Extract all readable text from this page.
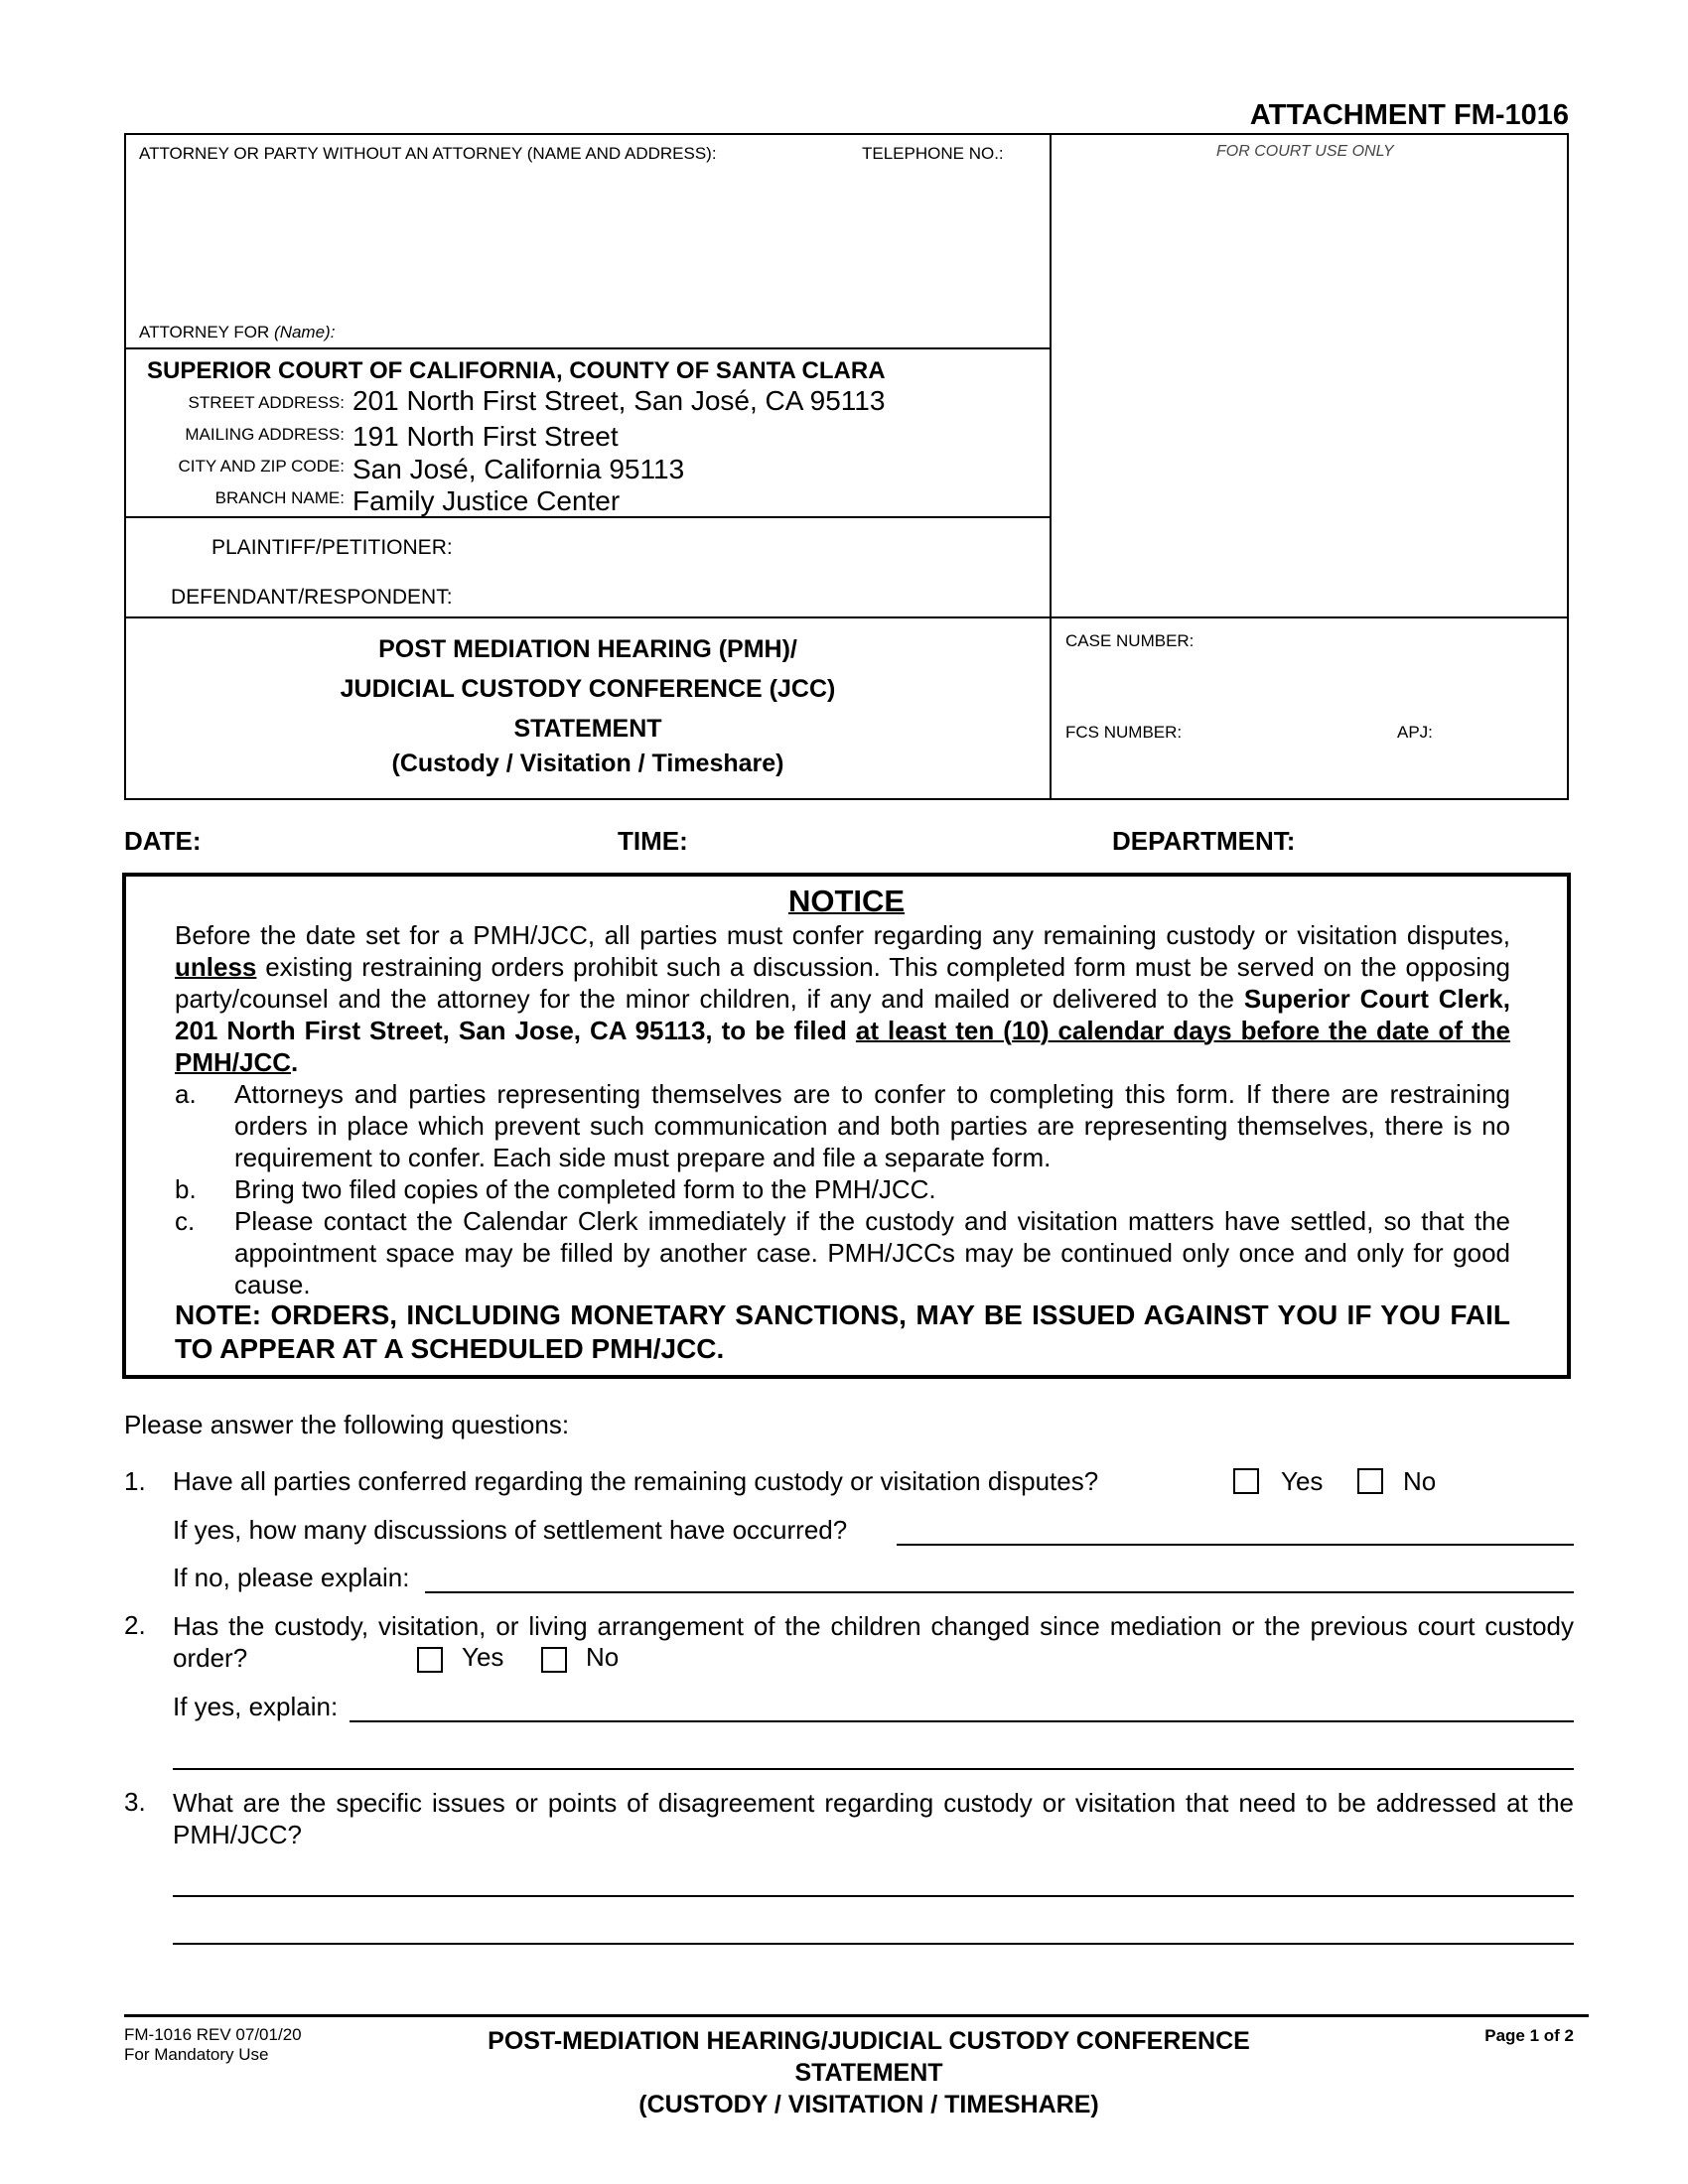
ATTACHMENT FM-1016
ATTORNEY OR PARTY WITHOUT AN ATTORNEY (NAME AND ADDRESS):	TELEPHONE NO.:	FOR COURT USE ONLY
ATTORNEY FOR (Name):
SUPERIOR COURT OF CALIFORNIA, COUNTY OF SANTA CLARA
STREET ADDRESS: 201 North First Street, San José, CA 95113
MAILING ADDRESS: 191 North First Street
CITY AND ZIP CODE: San José, California 95113
BRANCH NAME: Family Justice Center
PLAINTIFF/PETITIONER:
DEFENDANT/RESPONDENT:
POST MEDIATION HEARING (PMH)/
JUDICIAL CUSTODY CONFERENCE (JCC)
STATEMENT
(Custody / Visitation / Timeshare)
CASE NUMBER:
FCS NUMBER:	APJ:
DATE:	TIME:	DEPARTMENT:
NOTICE
Before the date set for a PMH/JCC, all parties must confer regarding any remaining custody or visitation disputes, unless existing restraining orders prohibit such a discussion. This completed form must be served on the opposing party/counsel and the attorney for the minor children, if any and mailed or delivered to the Superior Court Clerk, 201 North First Street, San Jose, CA 95113, to be filed at least ten (10) calendar days before the date of the PMH/JCC.
a.	Attorneys and parties representing themselves are to confer to completing this form. If there are restraining orders in place which prevent such communication and both parties are representing themselves, there is no requirement to confer. Each side must prepare and file a separate form.
b.	Bring two filed copies of the completed form to the PMH/JCC.
c.	Please contact the Calendar Clerk immediately if the custody and visitation matters have settled, so that the appointment space may be filled by another case. PMH/JCCs may be continued only once and only for good cause.
NOTE: ORDERS, INCLUDING MONETARY SANCTIONS, MAY BE ISSUED AGAINST YOU IF YOU FAIL TO APPEAR AT A SCHEDULED PMH/JCC.
Please answer the following questions:
1. Have all parties conferred regarding the remaining custody or visitation disputes?	Yes	No
If yes, how many discussions of settlement have occurred?
If no, please explain:
2. Has the custody, visitation, or living arrangement of the children changed since mediation or the previous court custody order?	Yes	No
If yes, explain:
3. What are the specific issues or points of disagreement regarding custody or visitation that need to be addressed at the PMH/JCC?
FM-1016 REV 07/01/20
For Mandatory Use	POST-MEDIATION HEARING/JUDICIAL CUSTODY CONFERENCE
STATEMENT
(CUSTODY / VISITATION / TIMESHARE)
Page 1 of 2
